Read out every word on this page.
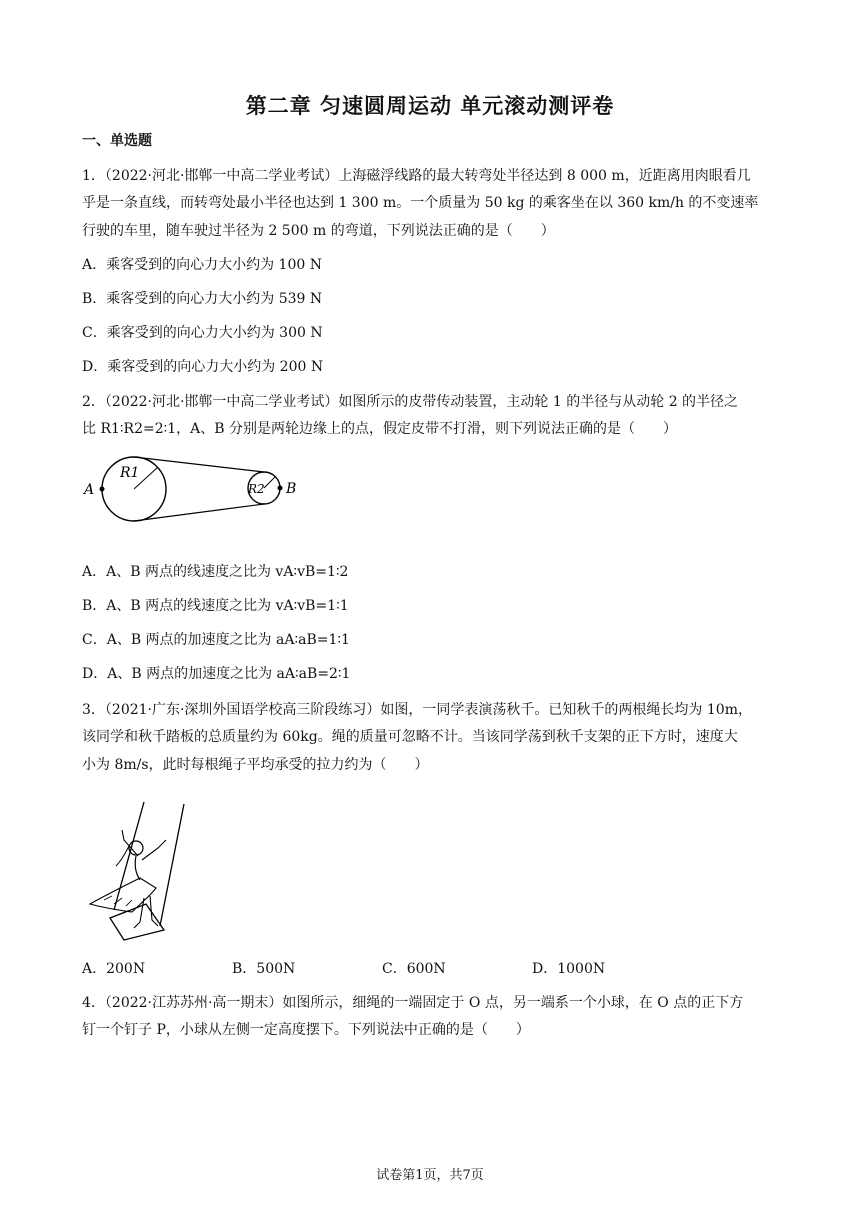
第二章 匀速圆周运动 单元滚动测评卷
一、单选题
1．（2022·河北·邯郸一中高二学业考试）上海磁浮线路的最大转弯处半径达到 8 000 m，近距离用肉眼看几
乎是一条直线，而转弯处最小半径也达到 1 300 m。一个质量为 50 kg 的乘客坐在以 360 km/h 的不变速率
行驶的车里，随车驶过半径为 2 500 m 的弯道，下列说法正确的是（　　）
A．乘客受到的向心力大小约为 100 N
B．乘客受到的向心力大小约为 539 N
C．乘客受到的向心力大小约为 300 N
D．乘客受到的向心力大小约为 200 N
2．（2022·河北·邯郸一中高二学业考试）如图所示的皮带传动装置，主动轮 1 的半径与从动轮 2 的半径之
比 R1∶R2=2∶1，A、B 分别是两轮边缘上的点，假定皮带不打滑，则下列说法正确的是（　　）
A
R1
R2 B
A．A、B 两点的线速度之比为 vA∶vB=1∶2
B．A、B 两点的线速度之比为 vA∶vB=1∶1
C．A、B 两点的加速度之比为 aA∶aB=1∶1
D．A、B 两点的加速度之比为 aA∶aB=2∶1
3．（2021·广东·深圳外国语学校高三阶段练习）如图，一同学表演荡秋千。已知秋千的两根绳长均为 10m，
该同学和秋千踏板的总质量约为 60kg。绳的质量可忽略不计。当该同学荡到秋千支架的正下方时，速度大
小为 8m/s，此时每根绳子平均承受的拉力约为（　　）
A．200N	B．500N	C．600N	D．1000N
4．（2022·江苏苏州·高一期末）如图所示，细绳的一端固定于 O 点，另一端系一个小球，在 O 点的正下方
钉一个钉子 P，小球从左侧一定高度摆下。下列说法中正确的是（　　）
试卷第1页，共7页
